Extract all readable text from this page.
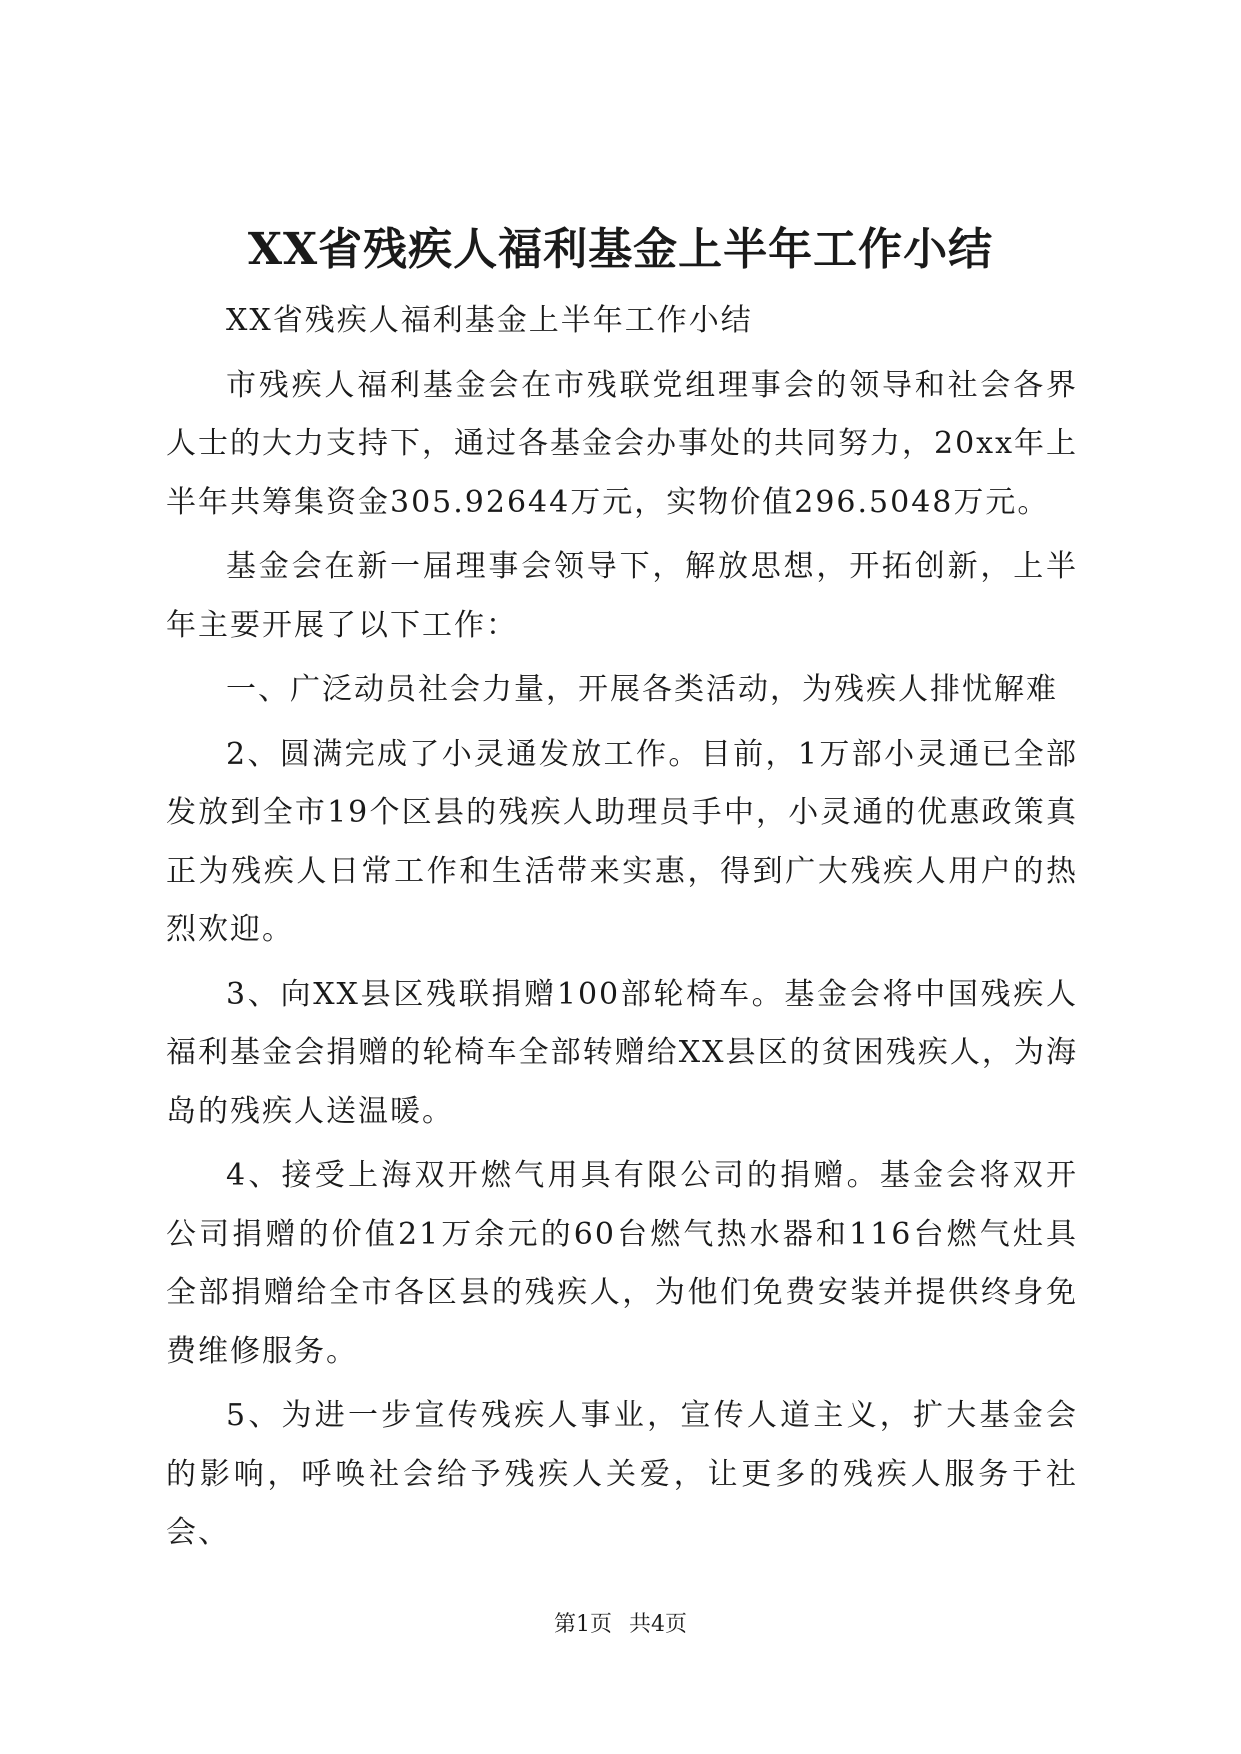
XX省残疾人福利基金上半年工作小结

XX省残疾人福利基金上半年工作小结

市残疾人福利基金会在市残联党组理事会的领导和社会各界人士的大力支持下，通过各基金会办事处的共同努力，20xx年上半年共筹集资金305.92644万元，实物价值296.5048万元。

基金会在新一届理事会领导下，解放思想，开拓创新，上半年主要开展了以下工作：

一、广泛动员社会力量，开展各类活动，为残疾人排忧解难

2、圆满完成了小灵通发放工作。目前，1万部小灵通已全部发放到全市19个区县的残疾人助理员手中，小灵通的优惠政策真正为残疾人日常工作和生活带来实惠，得到广大残疾人用户的热烈欢迎。

3、向XX县区残联捐赠100部轮椅车。基金会将中国残疾人福利基金会捐赠的轮椅车全部转赠给XX县区的贫困残疾人，为海岛的残疾人送温暖。

4、接受上海双开燃气用具有限公司的捐赠。基金会将双开公司捐赠的价值21万余元的60台燃气热水器和116台燃气灶具全部捐赠给全市各区县的残疾人，为他们免费安装并提供终身免费维修服务。

5、为进一步宣传残疾人事业，宣传人道主义，扩大基金会的影响，呼唤社会给予残疾人关爱，让更多的残疾人服务于社会、

第1页 共4页
